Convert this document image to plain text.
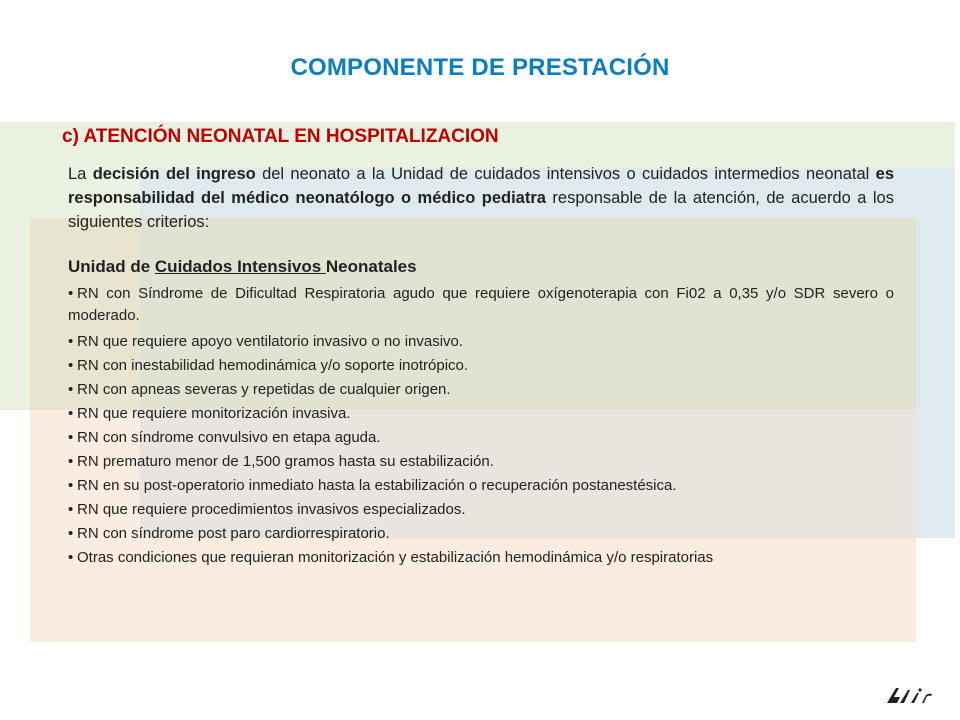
COMPONENTE DE PRESTACIÓN
c) ATENCIÓN NEONATAL EN HOSPITALIZACION

La decisión del ingreso del neonato a la Unidad de cuidados intensivos o cuidados intermedios neonatal es responsabilidad del médico neonatólogo o médico pediatra responsable de la atención, de acuerdo a los siguientes criterios:

Unidad de Cuidados Intensivos Neonatales
• RN con Síndrome de Dificultad Respiratoria agudo que requiere oxígenoterapia con Fi02 a 0,35 y/o SDR severo o moderado.
• RN que requiere apoyo ventilatorio invasivo o no invasivo.
• RN con inestabilidad hemodinámica y/o soporte inotrópico.
• RN con apneas severas y repetidas de cualquier origen.
• RN que requiere monitorización invasiva.
• RN con síndrome convulsivo en etapa aguda.
• RN prematuro menor de 1,500 gramos hasta su estabilización.
• RN en su post-operatorio inmediato hasta la estabilización o recuperación postanestésica.
• RN que requiere procedimientos invasivos especializados.
• RN con síndrome post paro cardiorrespiratorio.
• Otras condiciones que requieran monitorización y estabilización hemodinámica y/o respiratorias
